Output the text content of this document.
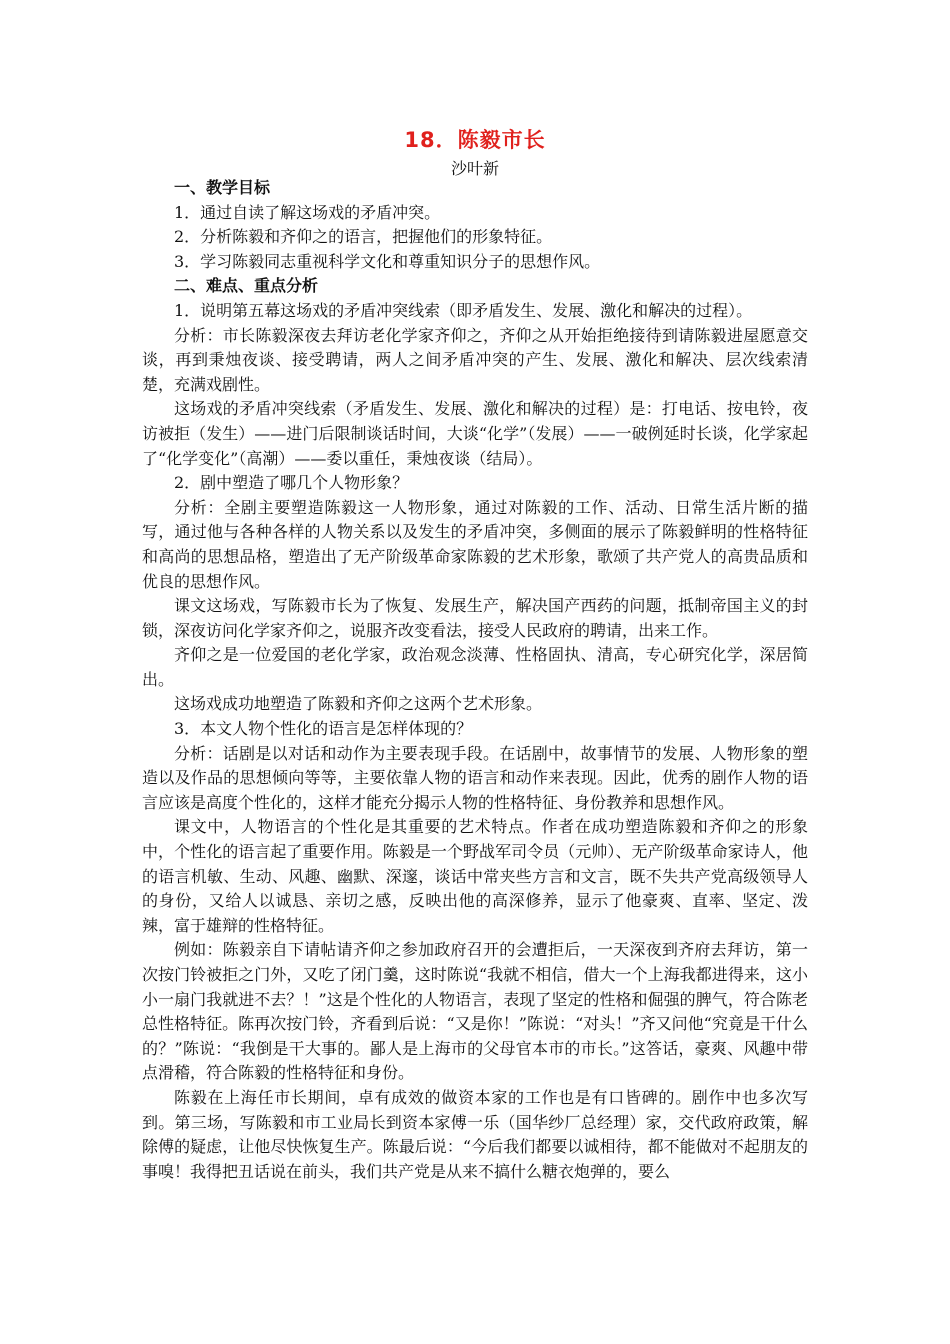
18．陈毅市长
沙叶新

一、教学目标

1．通过自读了解这场戏的矛盾冲突。

2．分析陈毅和齐仰之的语言，把握他们的形象特征。

3．学习陈毅同志重视科学文化和尊重知识分子的思想作风。

二、难点、重点分析

1．说明第五幕这场戏的矛盾冲突线索（即矛盾发生、发展、激化和解决的过程）。

分析：市长陈毅深夜去拜访老化学家齐仰之，齐仰之从开始拒绝接待到请陈毅进屋愿意交谈，再到秉烛夜谈、接受聘请，两人之间矛盾冲突的产生、发展、激化和解决、层次线索清楚，充满戏剧性。

这场戏的矛盾冲突线索（矛盾发生、发展、激化和解决的过程）是：打电话、按电铃，夜访被拒（发生）——进门后限制谈话时间，大谈“化学”（发展）——一破例延时长谈，化学家起了“化学变化”（高潮）——委以重任，秉烛夜谈（结局）。

2．剧中塑造了哪几个人物形象？

分析：全剧主要塑造陈毅这一人物形象，通过对陈毅的工作、活动、日常生活片断的描写，通过他与各种各样的人物关系以及发生的矛盾冲突，多侧面的展示了陈毅鲜明的性格特征和高尚的思想品格，塑造出了无产阶级革命家陈毅的艺术形象，歌颂了共产党人的高贵品质和优良的思想作风。

课文这场戏，写陈毅市长为了恢复、发展生产，解决国产西药的问题，抵制帝国主义的封锁，深夜访问化学家齐仰之，说服齐改变看法，接受人民政府的聘请，出来工作。

齐仰之是一位爱国的老化学家，政治观念淡薄、性格固执、清高，专心研究化学，深居简出。

这场戏成功地塑造了陈毅和齐仰之这两个艺术形象。

3．本文人物个性化的语言是怎样体现的？

分析：话剧是以对话和动作为主要表现手段。在话剧中，故事情节的发展、人物形象的塑造以及作品的思想倾向等等，主要依靠人物的语言和动作来表现。因此，优秀的剧作人物的语言应该是高度个性化的，这样才能充分揭示人物的性格特征、身份教养和思想作风。

课文中，人物语言的个性化是其重要的艺术特点。作者在成功塑造陈毅和齐仰之的形象中，个性化的语言起了重要作用。陈毅是一个野战军司令员（元帅）、无产阶级革命家诗人，他的语言机敏、生动、风趣、幽默、深邃，谈话中常夹些方言和文言，既不失共产党高级领导人的身份，又给人以诚恳、亲切之感，反映出他的高深修养，显示了他豪爽、直率、坚定、泼辣，富于雄辩的性格特征。

例如：陈毅亲自下请帖请齐仰之参加政府召开的会遭拒后，一天深夜到齐府去拜访，第一次按门铃被拒之门外，又吃了闭门羹，这时陈说“我就不相信，借大一个上海我都进得来，这小小一扇门我就进不去？！”这是个性化的人物语言，表现了坚定的性格和倔强的脾气，符合陈老总性格特征。陈再次按门铃，齐看到后说：“又是你！”陈说：“对头！”齐又问他“究竟是干什么的？”陈说：“我倒是干大事的。鄙人是上海市的父母官本市的市长。”这答话，豪爽、风趣中带点滑稽，符合陈毅的性格特征和身份。

陈毅在上海任市长期间，卓有成效的做资本家的工作也是有口皆碑的。剧作中也多次写到。第三场，写陈毅和市工业局长到资本家傅一乐（国华纱厂总经理）家，交代政府政策，解除傅的疑虑，让他尽快恢复生产。陈最后说：“今后我们都要以诚相待，都不能做对不起朋友的事嗅！我得把丑话说在前头，我们共产党是从来不搞什么糖衣炮弹的，要么
